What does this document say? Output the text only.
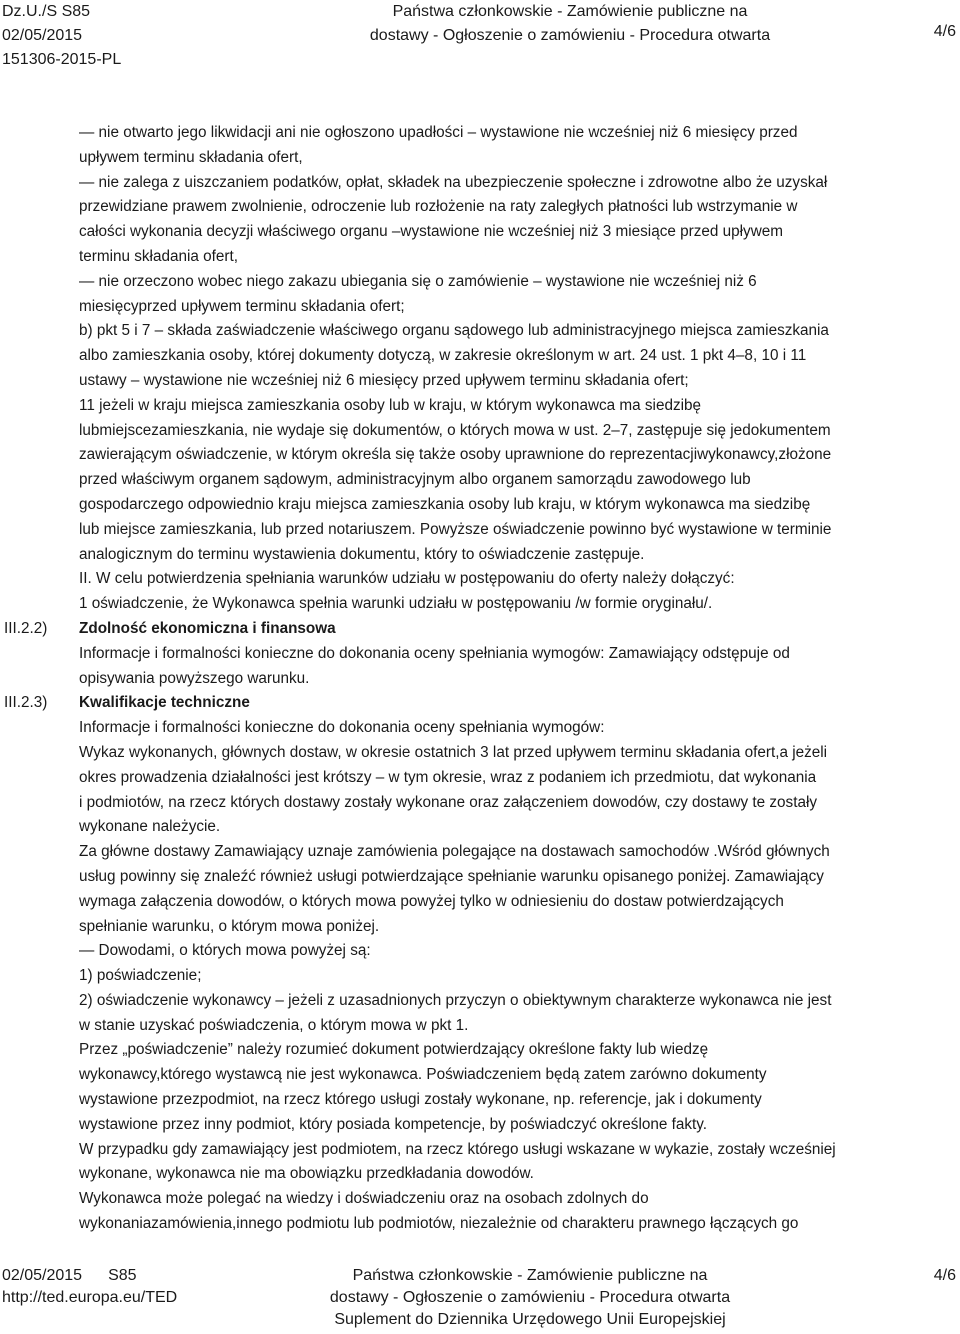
Dz.U./S S85
02/05/2015
151306-2015-PL
Państwa członkowskie - Zamówienie publiczne na
dostawy - Ogłoszenie o zamówieniu - Procedura otwarta	4/6

— nie otwarto jego likwidacji ani nie ogłoszono upadłości – wystawione nie wcześniej niż 6 miesięcy przed

upływem terminu składania ofert,

— nie zalega z uiszczaniem podatków, opłat, składek na ubezpieczenie społeczne i zdrowotne albo że uzyskał

przewidziane prawem zwolnienie, odroczenie lub rozłożenie na raty zaległych płatności lub wstrzymanie w

całości wykonania decyzji właściwego organu –wystawione nie wcześniej niż 3 miesiące przed upływem

terminu składania ofert,

— nie orzeczono wobec niego zakazu ubiegania się o zamówienie – wystawione nie wcześniej niż 6

miesięcyprzed upływem terminu składania ofert;

b) pkt 5 i 7 – składa zaświadczenie właściwego organu sądowego lub administracyjnego miejsca zamieszkania

albo zamieszkania osoby, której dokumenty dotyczą, w zakresie określonym w art. 24 ust. 1 pkt 4–8, 10 i 11

ustawy – wystawione nie wcześniej niż 6 miesięcy przed upływem terminu składania ofert;

11 jeżeli w kraju miejsca zamieszkania osoby lub w kraju, w którym wykonawca ma siedzibę

lubmiejscezamieszkania, nie wydaje się dokumentów, o których mowa w ust. 2–7, zastępuje się jedokumentem

zawierającym oświadczenie, w którym określa się także osoby uprawnione do reprezentacjiwykonawcy,złożone

przed właściwym organem sądowym, administracyjnym albo organem samorządu zawodowego lub

gospodarczego odpowiednio kraju miejsca zamieszkania osoby lub kraju, w którym wykonawca ma siedzibę

lub miejsce zamieszkania, lub przed notariuszem. Powyższe oświadczenie powinno być wystawione w terminie

analogicznym do terminu wystawienia dokumentu, który to oświadczenie zastępuje.

II. W celu potwierdzenia spełniania warunków udziału w postępowaniu do oferty należy dołączyć:

1 oświadczenie, że Wykonawca spełnia warunki udziału w postępowaniu /w formie oryginału/.

III.2.2)	Zdolność ekonomiczna i finansowa

Informacje i formalności konieczne do dokonania oceny spełniania wymogów: Zamawiający odstępuje od

opisywania powyższego warunku.

III.2.3)	Kwalifikacje techniczne

Informacje i formalności konieczne do dokonania oceny spełniania wymogów:

Wykaz wykonanych, głównych dostaw, w okresie ostatnich 3 lat przed upływem terminu składania ofert,a jeżeli

okres prowadzenia działalności jest krótszy – w tym okresie, wraz z podaniem ich przedmiotu, dat wykonania

i podmiotów, na rzecz których dostawy zostały wykonane oraz załączeniem dowodów, czy dostawy te zostały

wykonane należycie.

Za główne dostawy Zamawiający uznaje zamówienia polegające na dostawach samochodów .Wśród głównych

usług powinny się znaleźć również usługi potwierdzające spełnianie warunku opisanego poniżej. Zamawiający

wymaga załączenia dowodów, o których mowa powyżej tylko w odniesieniu do dostaw potwierdzających

spełnianie warunku, o którym mowa poniżej.

— Dowodami, o których mowa powyżej są:

1) poświadczenie;

2) oświadczenie wykonawcy – jeżeli z uzasadnionych przyczyn o obiektywnym charakterze wykonawca nie jest

w stanie uzyskać poświadczenia, o którym mowa w pkt 1.

Przez „poświadczenie” należy rozumieć dokument potwierdzający określone fakty lub wiedzę

wykonawcy,którego wystawcą nie jest wykonawca. Poświadczeniem będą zatem zarówno dokumenty

wystawione przezpodmiot, na rzecz którego usługi zostały wykonane, np. referencje, jak i dokumenty

wystawione przez inny podmiot, który posiada kompetencje, by poświadczyć określone fakty.

W przypadku gdy zamawiający jest podmiotem, na rzecz którego usługi wskazane w wykazie, zostały wcześniej

wykonane, wykonawca nie ma obowiązku przedkładania dowodów.

Wykonawca może polegać na wiedzy i doświadczeniu oraz na osobach zdolnych do

wykonaniazamówienia,innego podmiotu lub podmiotów, niezależnie od charakteru prawnego łączących go

02/05/2015 S85
http://ted.europa.eu/TED
Państwa członkowskie - Zamówienie publiczne na
dostawy - Ogłoszenie o zamówieniu - Procedura otwarta
Suplement do Dziennika Urzędowego Unii Europejskiej
4/6
